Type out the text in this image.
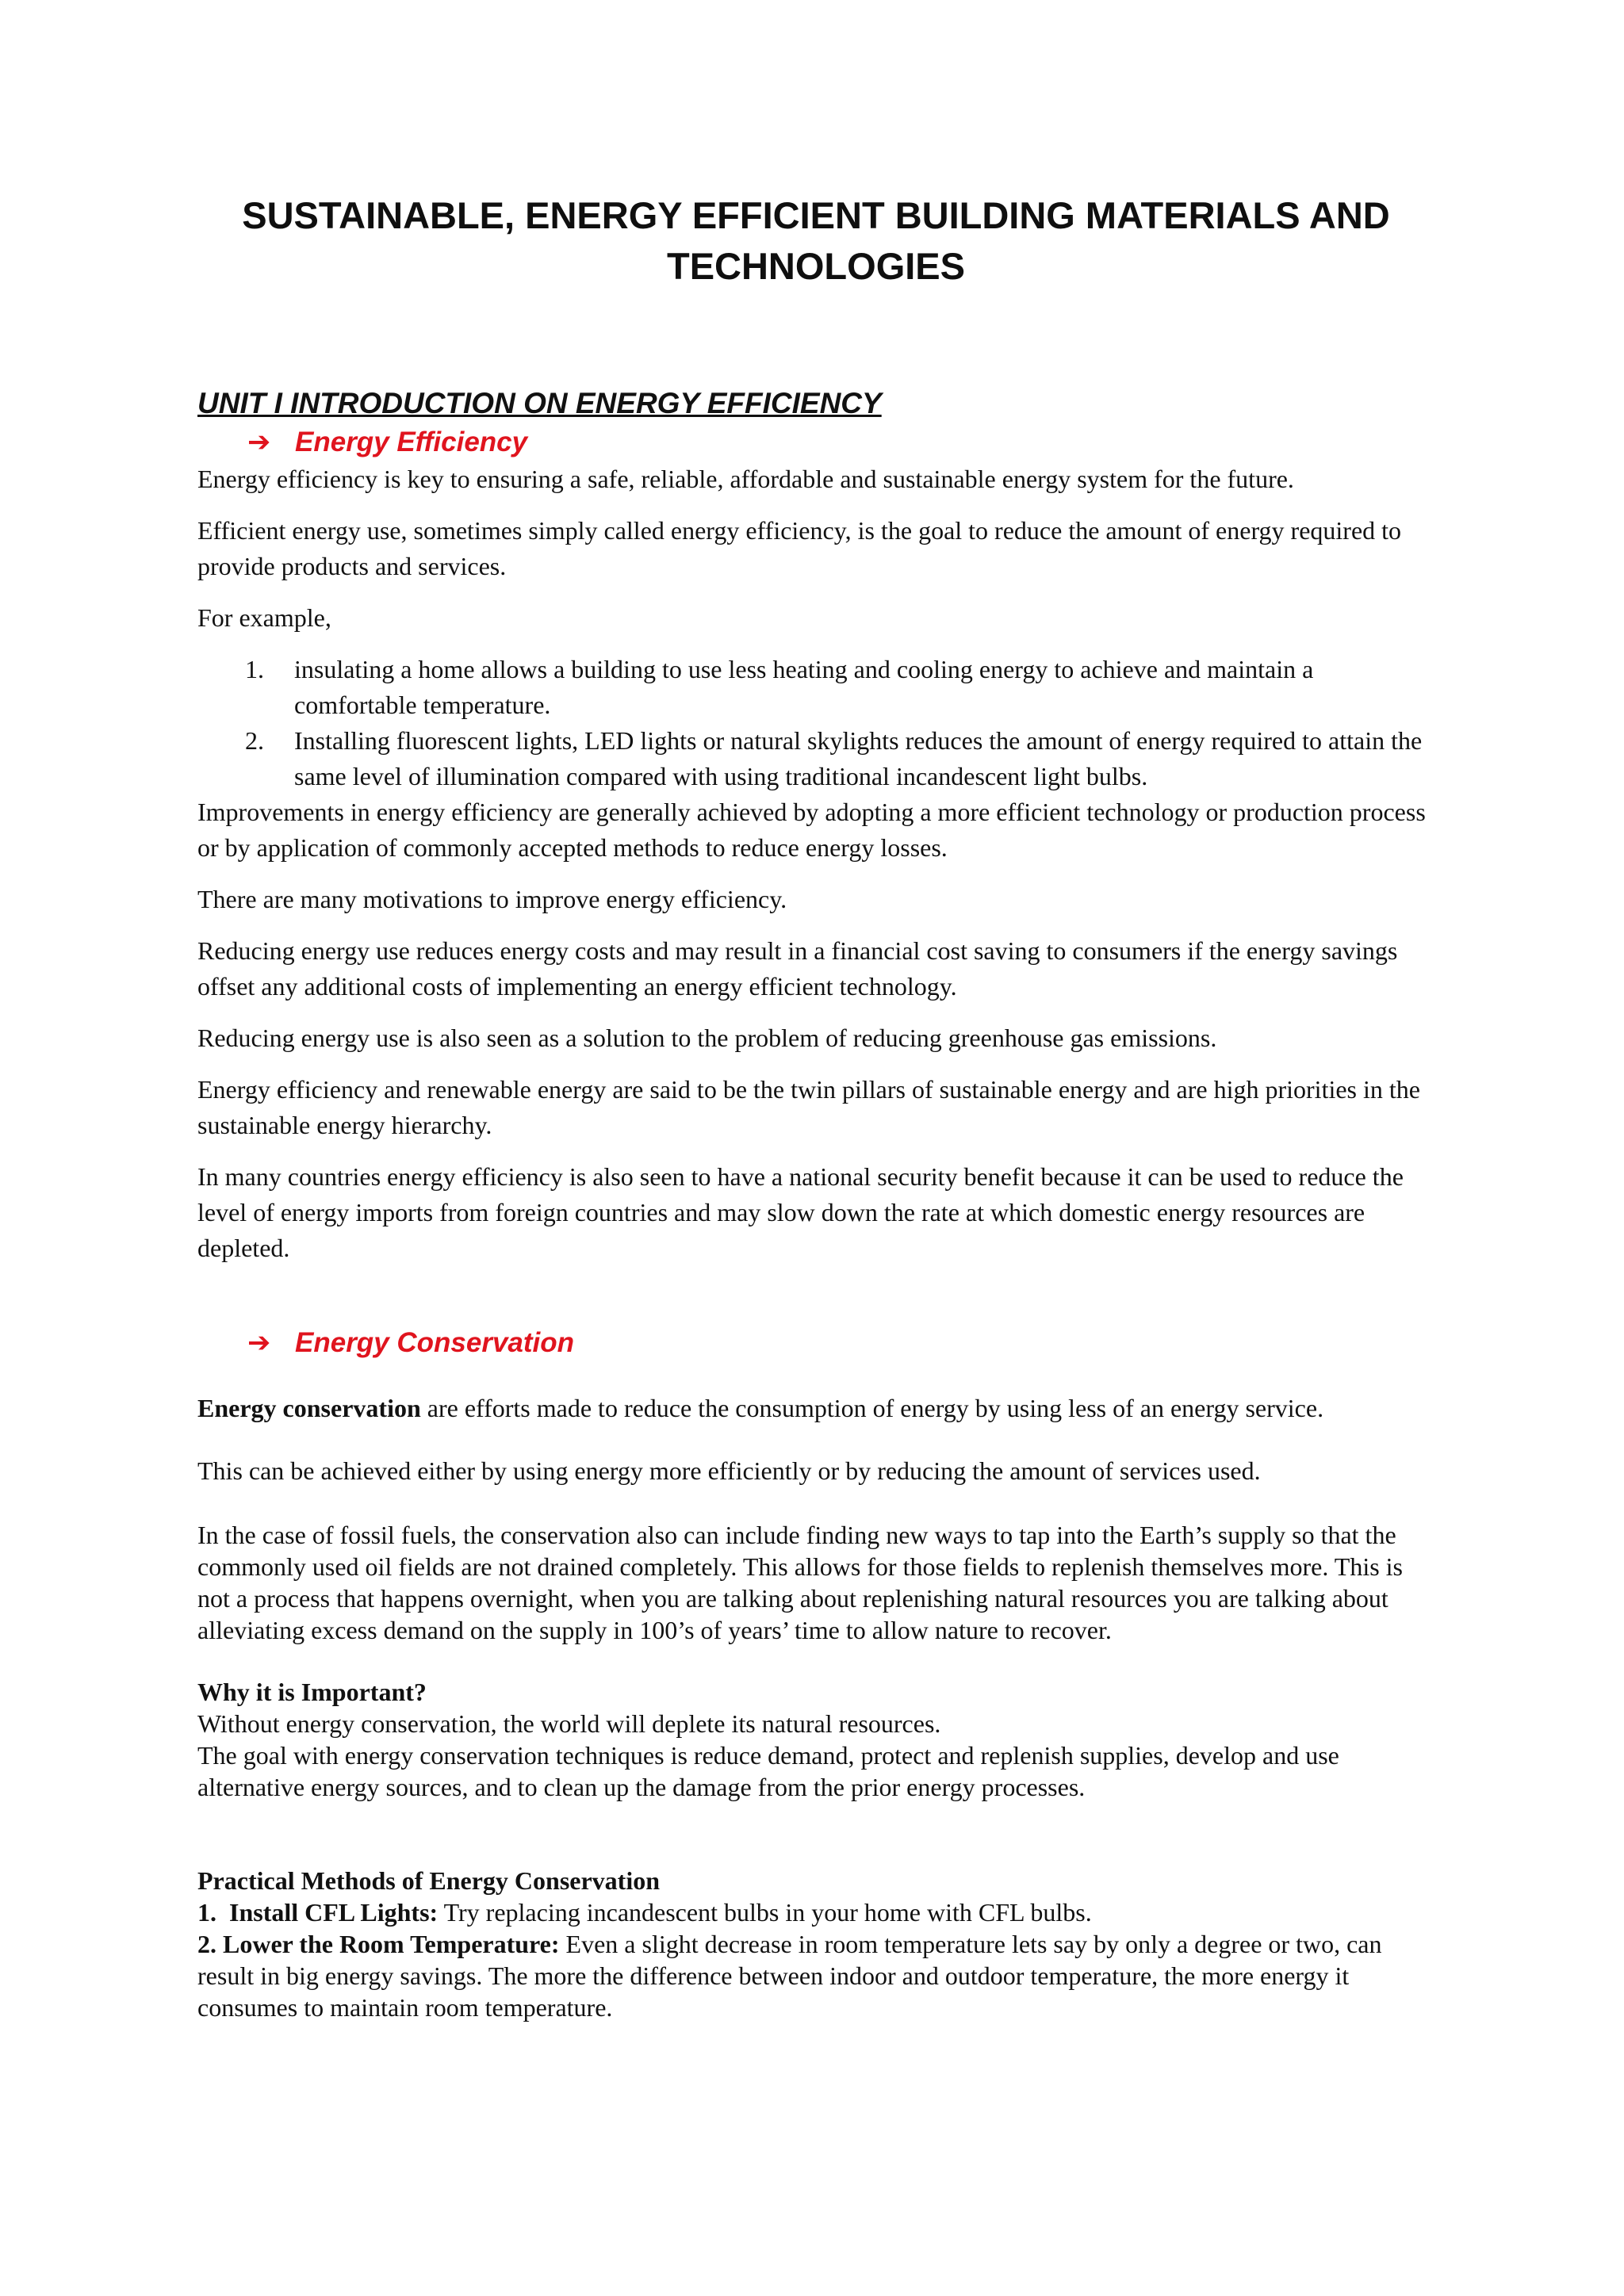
SUSTAINABLE, ENERGY EFFICIENT BUILDING MATERIALS AND TECHNOLOGIES
UNIT I INTRODUCTION ON ENERGY EFFICIENCY
➔ Energy Efficiency

Energy efficiency is key to ensuring a safe, reliable, affordable and sustainable energy system for the future.

Efficient energy use, sometimes simply called energy efficiency, is the goal to reduce the amount of energy required to provide products and services.

For example,

1.	insulating a home allows a building to use less heating and cooling energy to achieve and maintain a comfortable temperature.
2.	Installing fluorescent lights, LED lights or natural skylights reduces the amount of energy required to attain the same level of illumination compared with using traditional incandescent light bulbs.

Improvements in energy efficiency are generally achieved by adopting a more efficient technology or production process or by application of commonly accepted methods to reduce energy losses.

There are many motivations to improve energy efficiency.

Reducing energy use reduces energy costs and may result in a financial cost saving to consumers if the energy savings offset any additional costs of implementing an energy efficient technology.

Reducing energy use is also seen as a solution to the problem of reducing greenhouse gas emissions.

Energy efficiency and renewable energy are said to be the twin pillars of sustainable energy and are high priorities in the sustainable energy hierarchy.

In many countries energy efficiency is also seen to have a national security benefit because it can be used to reduce the level of energy imports from foreign countries and may slow down the rate at which domestic energy resources are depleted.

➔ Energy Conservation

Energy conservation are efforts made to reduce the consumption of energy by using less of an energy service.

This can be achieved either by using energy more efficiently or by reducing the amount of services used.

In the case of fossil fuels, the conservation also can include finding new ways to tap into the Earth’s supply so that the commonly used oil fields are not drained completely. This allows for those fields to replenish themselves more. This is not a process that happens overnight, when you are talking about replenishing natural resources you are talking about alleviating excess demand on the supply in 100’s of years’ time to allow nature to recover.

Why it is Important?

Without energy conservation, the world will deplete its natural resources.

The goal with energy conservation techniques is reduce demand, protect and replenish supplies, develop and use alternative energy sources, and to clean up the damage from the prior energy processes.

Practical Methods of Energy Conservation

1.  Install CFL Lights: Try replacing incandescent bulbs in your home with CFL bulbs.

2. Lower the Room Temperature: Even a slight decrease in room temperature lets say by only a degree or two, can result in big energy savings. The more the difference between indoor and outdoor temperature, the more energy it consumes to maintain room temperature.
